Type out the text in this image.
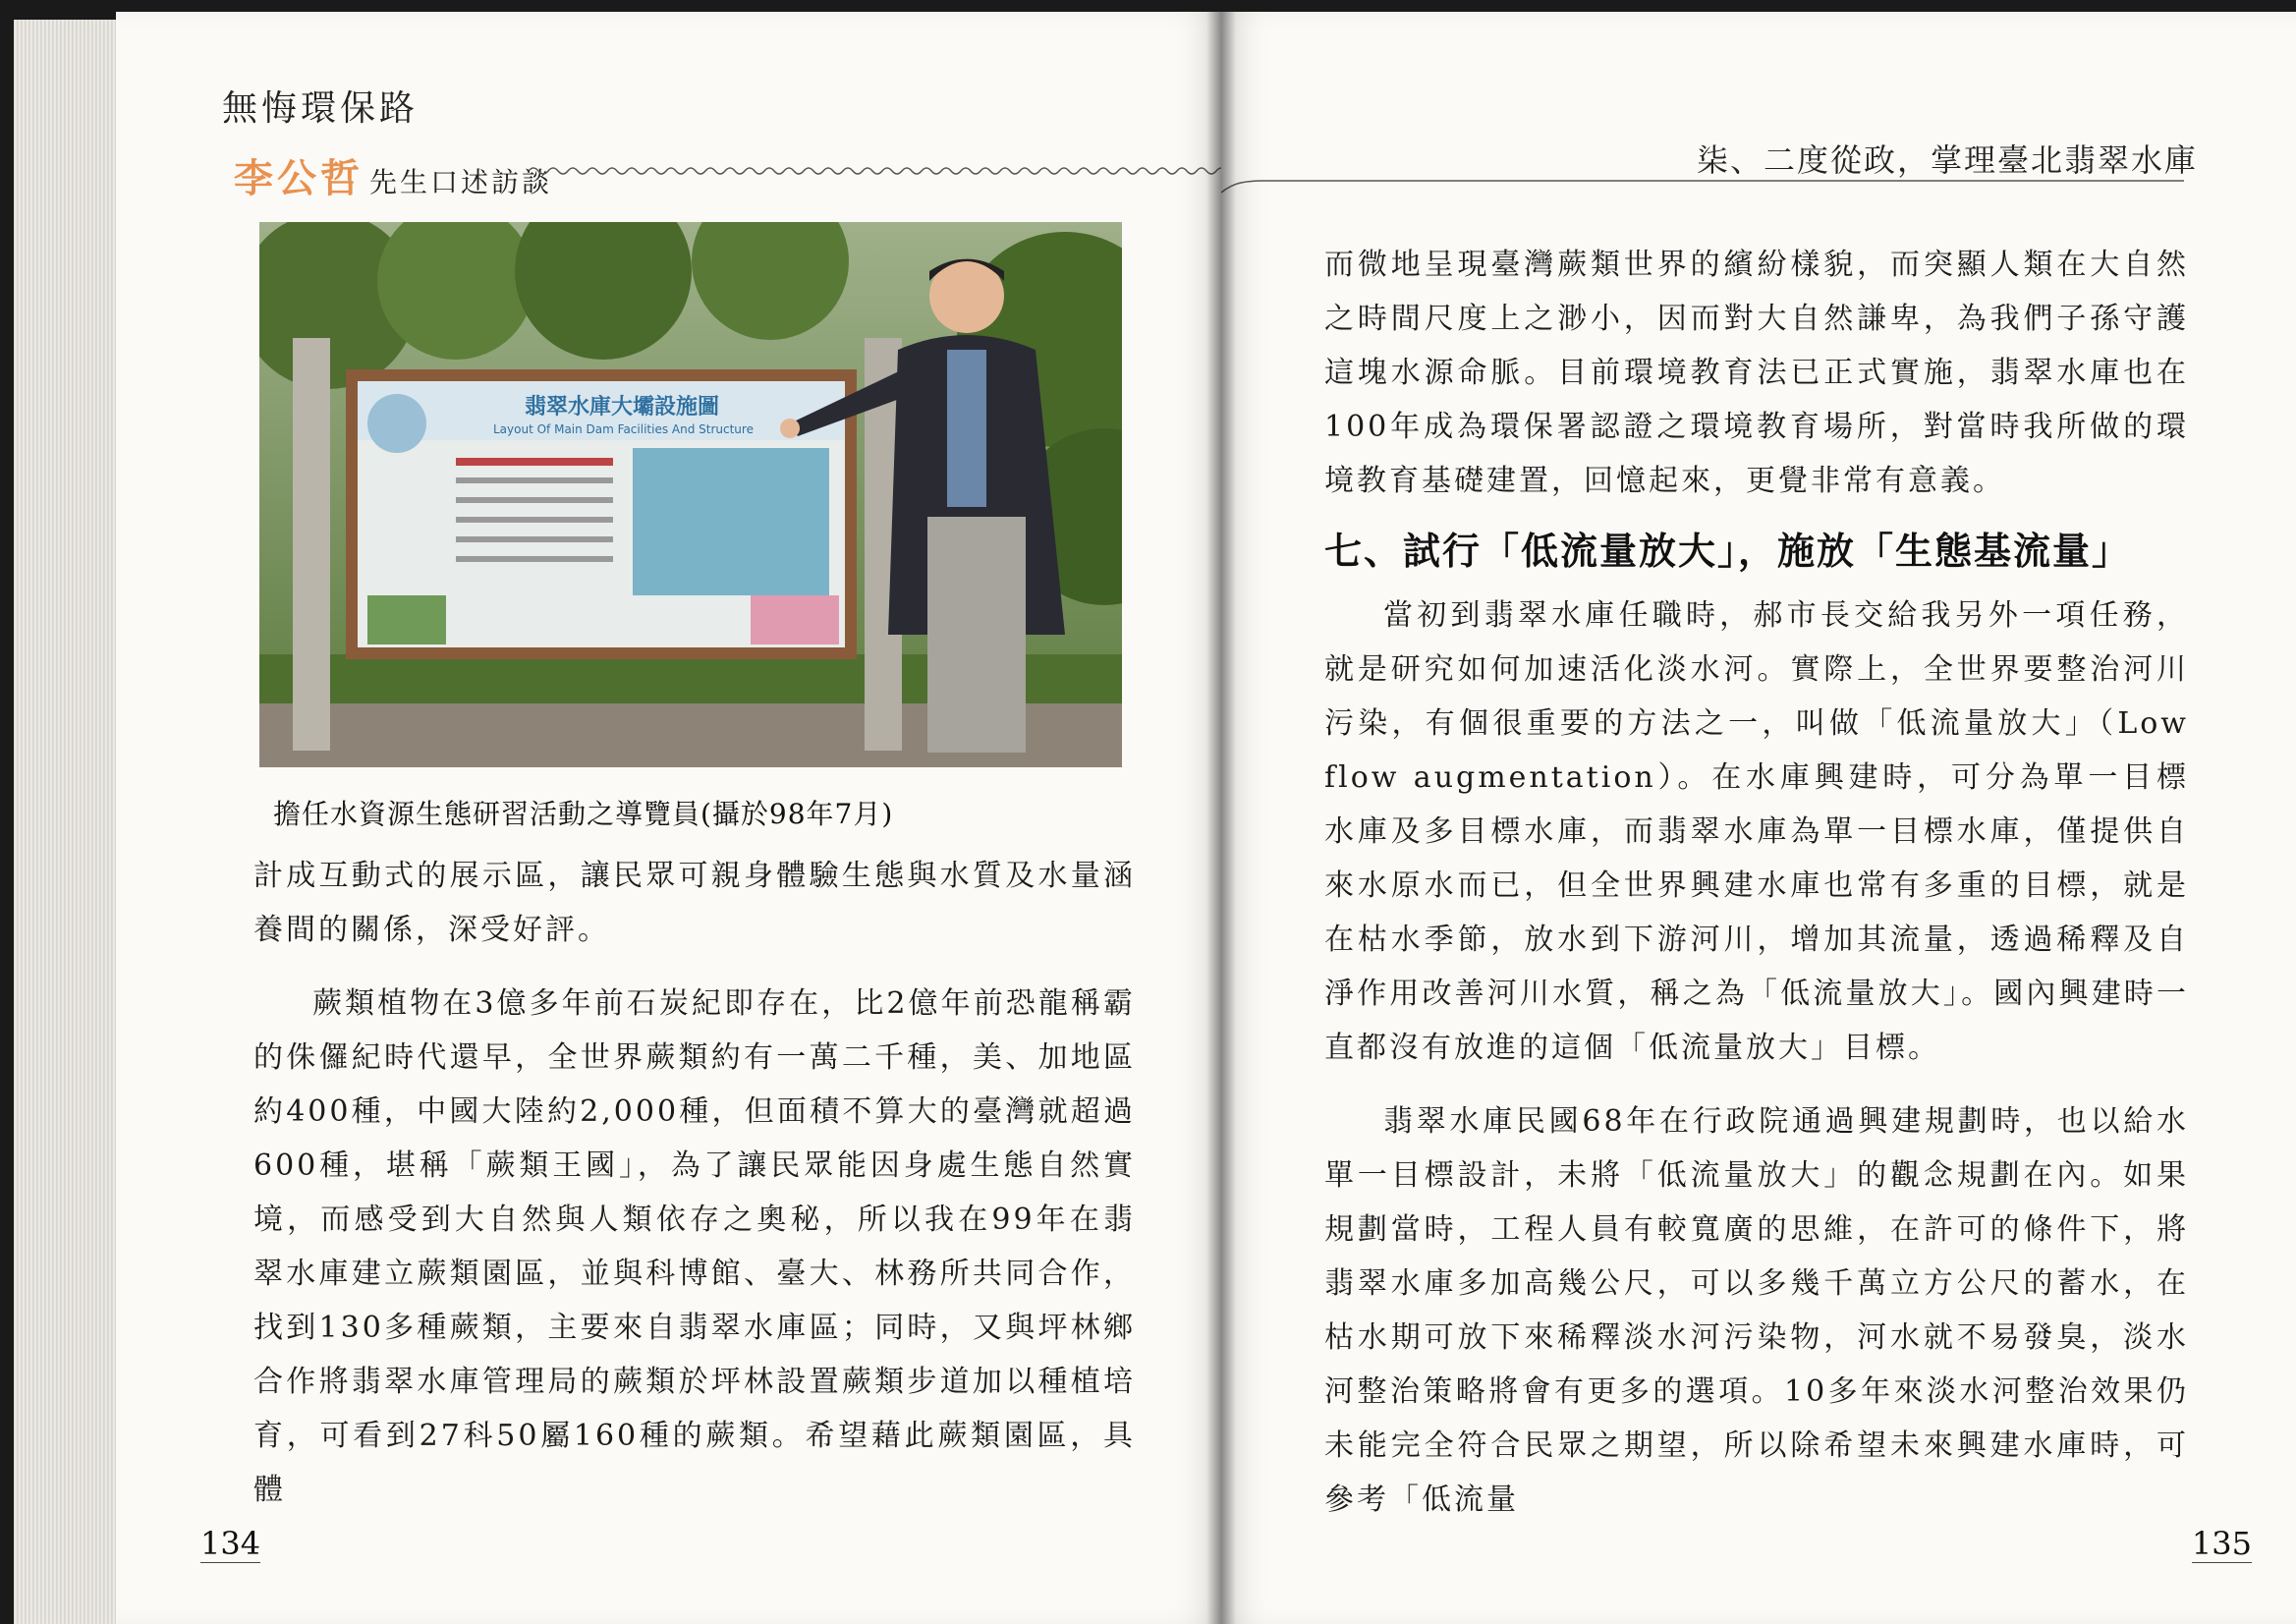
無悔環保路
李公哲 先生口述訪談
翡翠水庫大壩設施圖
Layout Of Main Dam Facilities And Structure
擔任水資源生態研習活動之導覽員(攝於98年7月)

計成互動式的展示區，讓民眾可親身體驗生態與水質及水量涵養間的關係，深受好評。

蕨類植物在3億多年前石炭紀即存在，比2億年前恐龍稱霸的侏儸紀時代還早，全世界蕨類約有一萬二千種，美、加地區約400種，中國大陸約2,000種，但面積不算大的臺灣就超過600種，堪稱「蕨類王國」，為了讓民眾能因身處生態自然實境，而感受到大自然與人類依存之奧秘，所以我在99年在翡翠水庫建立蕨類園區，並與科博館、臺大、林務所共同合作，找到130多種蕨類，主要來自翡翠水庫區；同時，又與坪林鄉合作將翡翠水庫管理局的蕨類於坪林設置蕨類步道加以種植培育，可看到27科50屬160種的蕨類。希望藉此蕨類園區，具體

134
柒、二度從政，掌理臺北翡翠水庫

而微地呈現臺灣蕨類世界的繽紛樣貌，而突顯人類在大自然之時間尺度上之渺小，因而對大自然謙卑，為我們子孫守護這塊水源命脈。目前環境教育法已正式實施，翡翠水庫也在100年成為環保署認證之環境教育場所，對當時我所做的環境教育基礎建置，回憶起來，更覺非常有意義。

七、試行「低流量放大」，施放「生態基流量」

當初到翡翠水庫任職時，郝市長交給我另外一項任務，就是研究如何加速活化淡水河。實際上，全世界要整治河川污染，有個很重要的方法之一，叫做「低流量放大」（Low flow augmentation）。在水庫興建時，可分為單一目標水庫及多目標水庫，而翡翠水庫為單一目標水庫，僅提供自來水原水而已，但全世界興建水庫也常有多重的目標，就是在枯水季節，放水到下游河川，增加其流量，透過稀釋及自淨作用改善河川水質，稱之為「低流量放大」。國內興建時一直都沒有放進的這個「低流量放大」目標。

翡翠水庫民國68年在行政院通過興建規劃時，也以給水單一目標設計，未將「低流量放大」的觀念規劃在內。如果規劃當時，工程人員有較寬廣的思維，在許可的條件下，將翡翠水庫多加高幾公尺，可以多幾千萬立方公尺的蓄水，在枯水期可放下來稀釋淡水河污染物，河水就不易發臭，淡水河整治策略將會有更多的選項。10多年來淡水河整治效果仍未能完全符合民眾之期望，所以除希望未來興建水庫時，可參考「低流量

135
